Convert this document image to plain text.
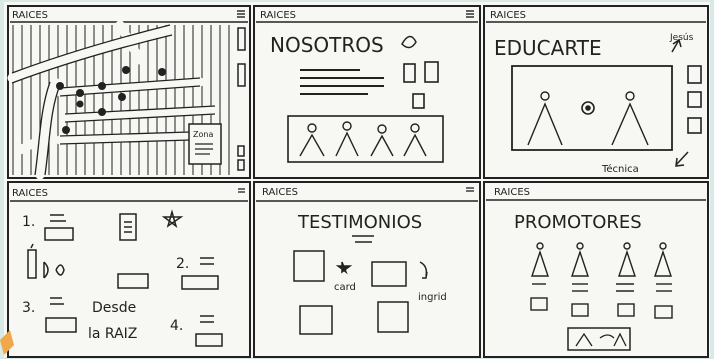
RAICES
Zona
RAICES
NOSOTROS
RAICES
EDUCARTE	Jesús
Técnica
RAICES
1.
2.
3.	Desde
la RAIZ 4.
RAICES
TESTIMONIOS
card
ingrid
RAICES
PROMOTORES
